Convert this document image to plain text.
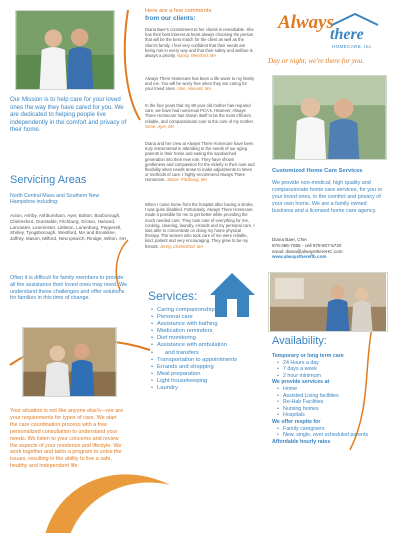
Our Mission is to help care for your loved ones the way they have cared for you. We are dedicated to helping people live independently in the comfort and privacy of their home.
Servicing Areas
North Central Mass and Southern New Hampshire including:
Acton, Ashby, Ashburnham, Ayer, Bolton, Boxborough, Chelmsford, Dunstable, Fitchburg, Groton, Harvard, Lancaster, Leominster, Littleton, Lunenburg, Pepperell, Shirley, Tyngsborough, Westford, MA and Brookline, Jaffrey, Mason, Milford, New Ipswich, Rindge, Wilton, NH
Often it is difficult for family members to provide all the assistance their loved ones may need. We understand these challenges and offer solutions for families in this time of change.
Your situation is not like anyone else's—nor are your requirements for types of care. We start the care coordination process with a free personalized consultation to understand your needs. We listen to your concerns and review the aspects of your residence and lifestyle. We work together and tailor a program to solve the issues, resulting in the ability to live a safe, healthy and independent life.
Here are a few comments
from our clients:
Diana Baer's commitment to her clients is remarkable. She has their best interest at heart always choosing the person that will be the best match for the client as well as the client's family. I feel very confident that their needs are being met in every way and that their safety and welfare is always a priority. Nancy, Westford, MA
Always There Homecare has been a life saver to my family and me. You will be worry free when they are caring for your loved ones. Alan, Harvard, MA
In the four years that my 88 year old mother has required care, we have had numerous PCA's. However, Always There Homecare has shown itself to be the most efficient, reliable, and compassionate care to the care of my mother. Gene, Ayer, MA
Diana and her crew at Always There Homecare have been truly instrumental in attending to the needs of our aging parents in their home and easing the sandwiched generation into their new role. They have shown gentleness and compassion for the elderly in their care and flexibility when needs arose to make adjustments to times or methods of care. I highly recommend Always There Homecare. Janice, Fitchburg, MA
When I came home from the hospital after having a stroke, I was quite disabled. Fortunately, Always There Homecare made it possible for me to get better while providing the much needed care. They took care of everything for me, cooking, cleaning, laundry, errands and my personal care. I was able to concentrate on doing my home physical therapy. The women who took care of me were reliable, kind, patient and very encouraging. They grew to be my friends. Jenny, Chelmsford, MA
Always
there
HOMECARE, Inc.
Day or night, we're there for you.
Customized Home Care Services
We provide non-medical, high quality and compassionate home care services, for you or your loved ones, in the comfort and privacy of your own home. We are a family owned business and a licensed home care agency.
Diana Baer, CNA
978-386-7556 - cell 978-807-5720
email: diana@alwaysthereHC.com
www.alwaysthereflb.com
Services:
• Caring companionship
• Personal care
• Assistance with bathing
• Medication reminders
• Diet monitoring
• Assistance with ambulation
• and transfers
• Transportation to appointments
• Errands and shopping
• Meal preparation
• Light housekeeping
• Laundry
Availability:
Temporary or long term care
• 24 Hours a day
• 7 days a week
• 2 hour minimum
We provide services at
• Home
• Assisted Living facilities
• Re-Hab Facilities
• Nursing homes
• Hospitals
We offer respite for
• Family caregivers
• New, single, over scheduled parents
Affordable hourly rates
